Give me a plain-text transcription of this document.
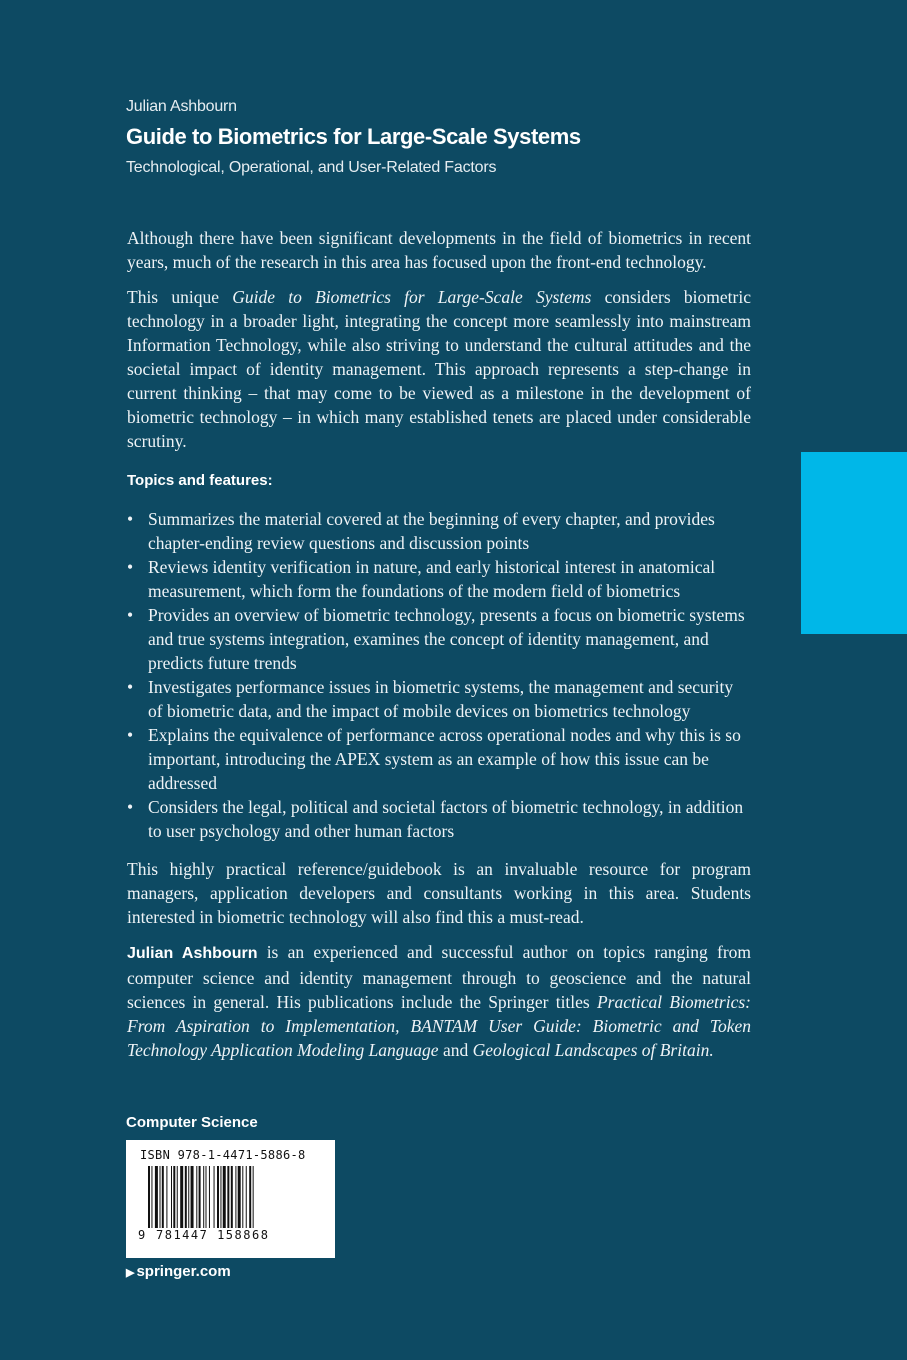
Julian Ashbourn
Guide to Biometrics for Large-Scale Systems
Technological, Operational, and User-Related Factors

Although there have been significant developments in the field of biometrics in recent years, much of the research in this area has focused upon the front-end technology.

This unique Guide to Biometrics for Large-Scale Systems considers biometric technology in a broader light, integrating the concept more seamlessly into mainstream Information Technology, while also striving to understand the cultural attitudes and the societal impact of identity management. This approach represents a step-change in current thinking – that may come to be viewed as a milestone in the development of biometric technology – in which many established tenets are placed under considerable scrutiny.

Topics and features:
• Summarizes the material covered at the beginning of every chapter, and provides chapter-ending review questions and discussion points
• Reviews identity verification in nature, and early historical interest in anatomical measurement, which form the foundations of the modern field of biometrics
• Provides an overview of biometric technology, presents a focus on biometric systems and true systems integration, examines the concept of identity management, and predicts future trends
• Investigates performance issues in biometric systems, the management and security of biometric data, and the impact of mobile devices on biometrics technology
• Explains the equivalence of performance across operational nodes and why this is so important, introducing the APEX system as an example of how this issue can be addressed
• Considers the legal, political and societal factors of biometric technology, in addition to user psychology and other human factors

This highly practical reference/guidebook is an invaluable resource for program managers, application developers and consultants working in this area. Students interested in biometric technology will also find this a must-read.

Julian Ashbourn is an experienced and successful author on topics ranging from computer science and identity management through to geoscience and the natural sciences in general. His publications include the Springer titles Practical Biometrics: From Aspiration to Implementation, BANTAM User Guide: Biometric and Token Technology Application Modeling Language and Geological Landscapes of Britain.

Computer Science
ISBN 978-1-4471-5886-8
9 781447 158868
▶ springer.com
